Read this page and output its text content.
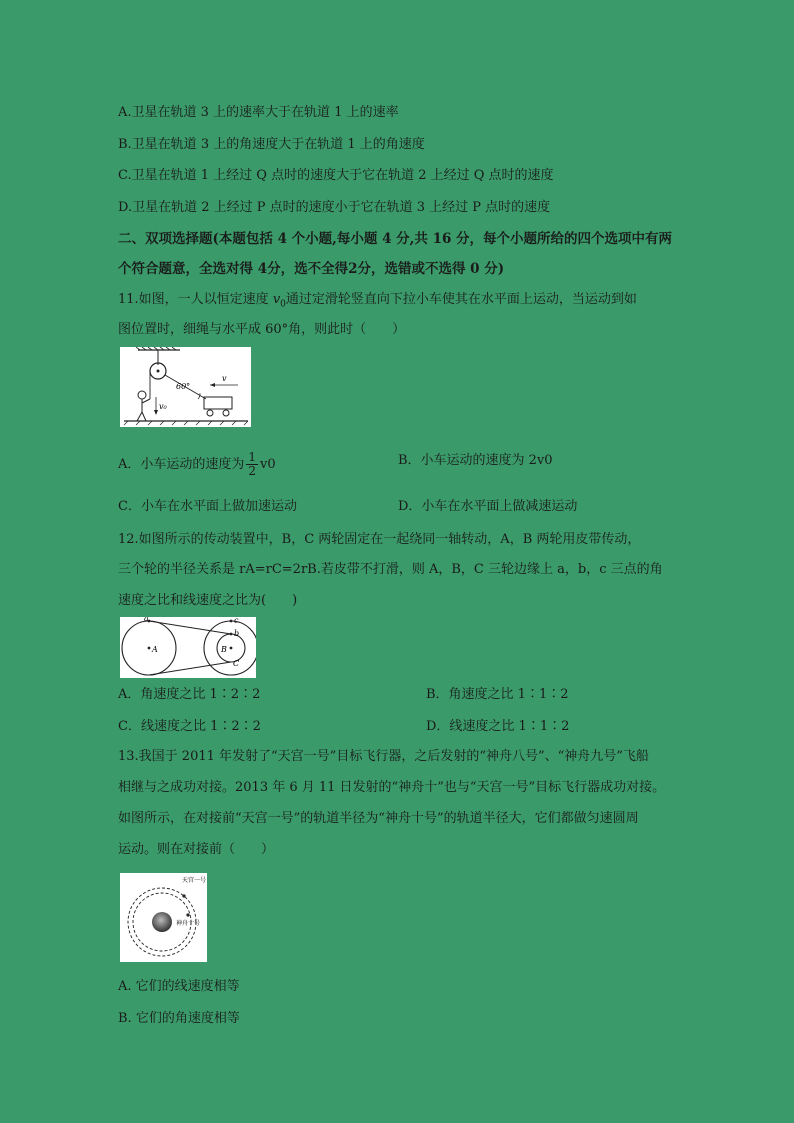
A.卫星在轨道 3 上的速率大于在轨道 1 上的速率
B.卫星在轨道 3 上的角速度大于在轨道 1 上的角速度
C.卫星在轨道 1 上经过 Q 点时的速度大于它在轨道 2 上经过 Q 点时的速度
D.卫星在轨道 2 上经过 P 点时的速度小于它在轨道 3 上经过 P 点时的速度
二、双项选择题(本题包括 4 个小题,每小题 4 分,共 16 分，每个小题所给的四个选项中有两
个符合题意，全选对得 4分，选不全得2分，选错或不选得 0 分)
11.如图，一人以恒定速度 $v_0$通过定滑轮竖直向下拉小车使其在水平面上运动，当运动到如
图位置时，细绳与水平成 60°角，则此时（　　）
v₀
60°
v
A．小车运动的速度为 $\frac{1}{2} v0$	B．小车运动的速度为 2v0
C．小车在水平面上做加速运动	D．小车在水平面上做减速运动
12.如图所示的传动装置中，B，C 两轮固定在一起绕同一轴转动，A，B 两轮用皮带传动，
三个轮的半径关系是 rA=rC=2rB.若皮带不打滑，则 A，B，C 三轮边缘上 a，b，c 三点的角
速度之比和线速度之比为(　　)
A
a
B
C
b
c
A．角速度之比 1∶2∶2	B．角速度之比 1∶1∶2
C．线速度之比 1∶2∶2	D．线速度之比 1∶1∶2
13.我国于 2011 年发射了“天宫一号”目标飞行器，之后发射的“神舟八号”、“神舟九号”飞船
相继与之成功对接。2013 年 6 月 11 日发射的“神舟十”也与“天宫一号”目标飞行器成功对接。
如图所示，在对接前“天宫一号”的轨道半径为“神舟十号”的轨道半径大，它们都做匀速圆周
运动。则在对接前（　　）
天宫一号
神舟十号
A. 它们的线速度相等
B. 它们的角速度相等
